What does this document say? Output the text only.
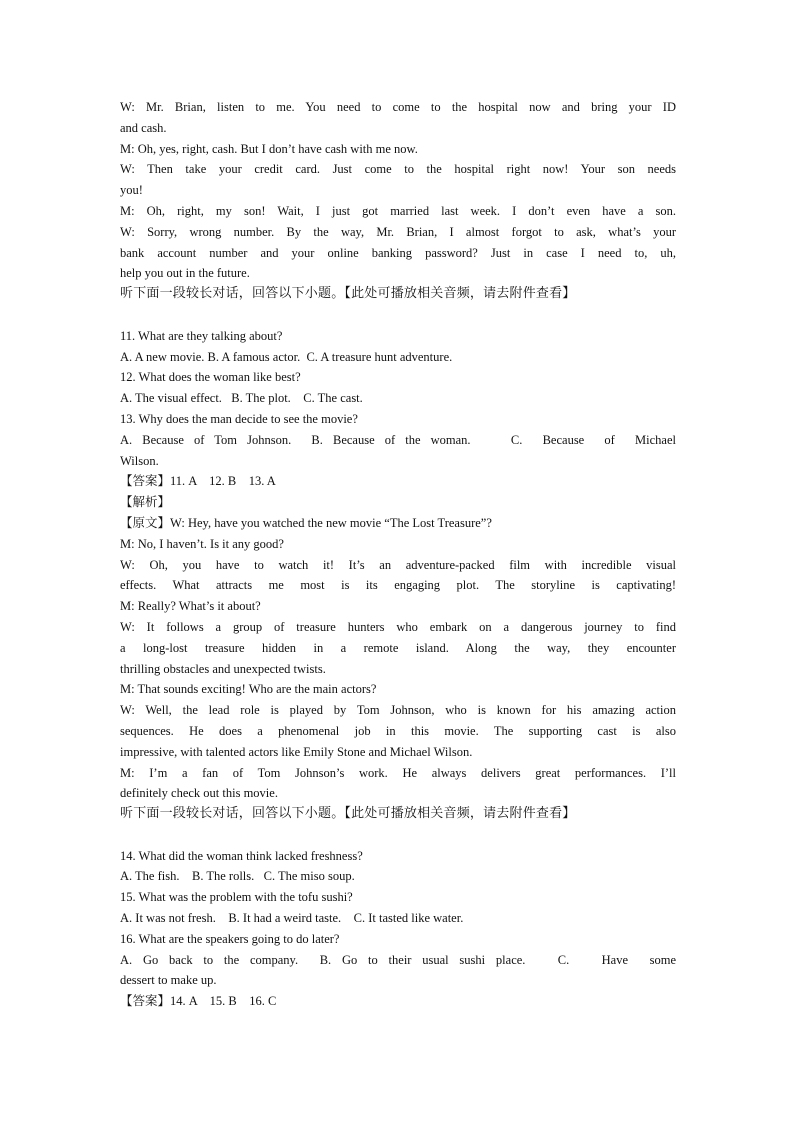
W: Mr. Brian, listen to me. You need to come to the hospital now and bring your ID

and cash.

M: Oh, yes, right, cash. But I don’t have cash with me now.

W: Then take your credit card. Just come to the hospital right now! Your son needs

you!

M: Oh, right, my son! Wait, I just got married last week. I don’t even have a son.

W: Sorry, wrong number. By the way, Mr. Brian, I almost forgot to ask, what’s your

bank account number and your online banking password? Just in case I need to, uh,

help you out in the future.

听下面一段较长对话，回答以下小题。【此处可播放相关音频，请去附件查看】

11. What are they talking about?

A. A new movie. B. A famous actor.  C. A treasure hunt adventure.

12. What does the woman like best?

A. The visual effect.   B. The plot.    C. The cast.

13. Why does the man decide to see the movie?

A. Because of Tom Johnson.  B. Because of the woman.    C.  Because  of  Michael

Wilson.

【答案】11. A    12. B    13. A

【解析】

【原文】W: Hey, have you watched the new movie “The Lost Treasure”?

M: No, I haven’t. Is it any good?

W: Oh, you have to watch it! It’s an adventure-packed film with incredible visual

effects. What attracts me most is its engaging plot. The storyline is captivating!

M: Really? What’s it about?

W: It follows a group of treasure hunters who embark on a dangerous journey to find

a long-lost treasure hidden in a remote island. Along the way, they encounter

thrilling obstacles and unexpected twists.

M: That sounds exciting! Who are the main actors?

W: Well, the lead role is played by Tom Johnson, who is known for his amazing action

sequences. He does a phenomenal job in this movie. The supporting cast is also

impressive, with talented actors like Emily Stone and Michael Wilson.

M: I’m a fan of Tom Johnson’s work. He always delivers great performances. I’ll

definitely check out this movie.

听下面一段较长对话，回答以下小题。【此处可播放相关音频，请去附件查看】

14. What did the woman think lacked freshness?

A. The fish.    B. The rolls.   C. The miso soup.

15. What was the problem with the tofu sushi?

A. It was not fresh.    B. It had a weird taste.    C. It tasted like water.

16. What are the speakers going to do later?

A. Go back to the company.  B. Go to their usual sushi place.   C.   Have  some

dessert to make up.

【答案】14. A    15. B    16. C
